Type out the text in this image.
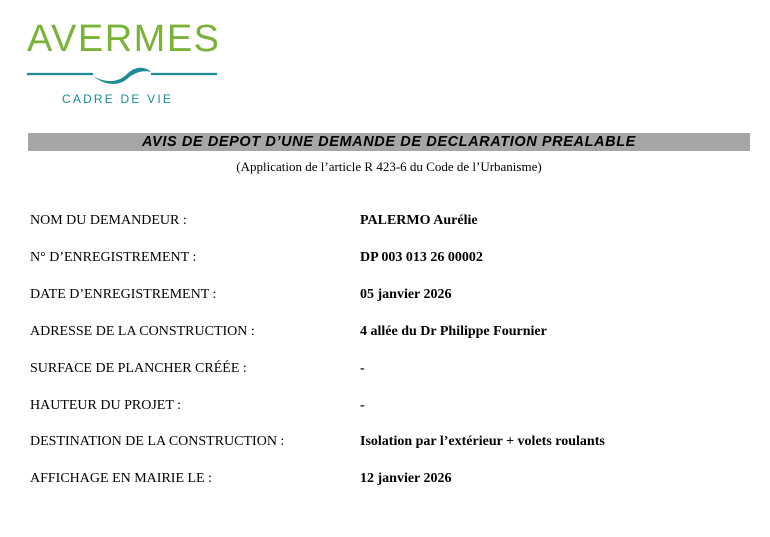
AVERMES
CADRE DE VIE
AVIS DE DEPOT D’UNE DEMANDE DE DECLARATION PREALABLE
(Application de l’article R 423-6 du Code de l’Urbanisme)
NOM DU DEMANDEUR :	PALERMO Aurélie
N° D’ENREGISTREMENT :	DP 003 013 26 00002
DATE D’ENREGISTREMENT :	05 janvier 2026
ADRESSE DE LA CONSTRUCTION :	4 allée du Dr Philippe Fournier
SURFACE DE PLANCHER CRÉÉE :	-
HAUTEUR DU PROJET :	-
DESTINATION DE LA CONSTRUCTION :	Isolation par l’extérieur + volets roulants
AFFICHAGE EN MAIRIE LE :	12 janvier 2026
